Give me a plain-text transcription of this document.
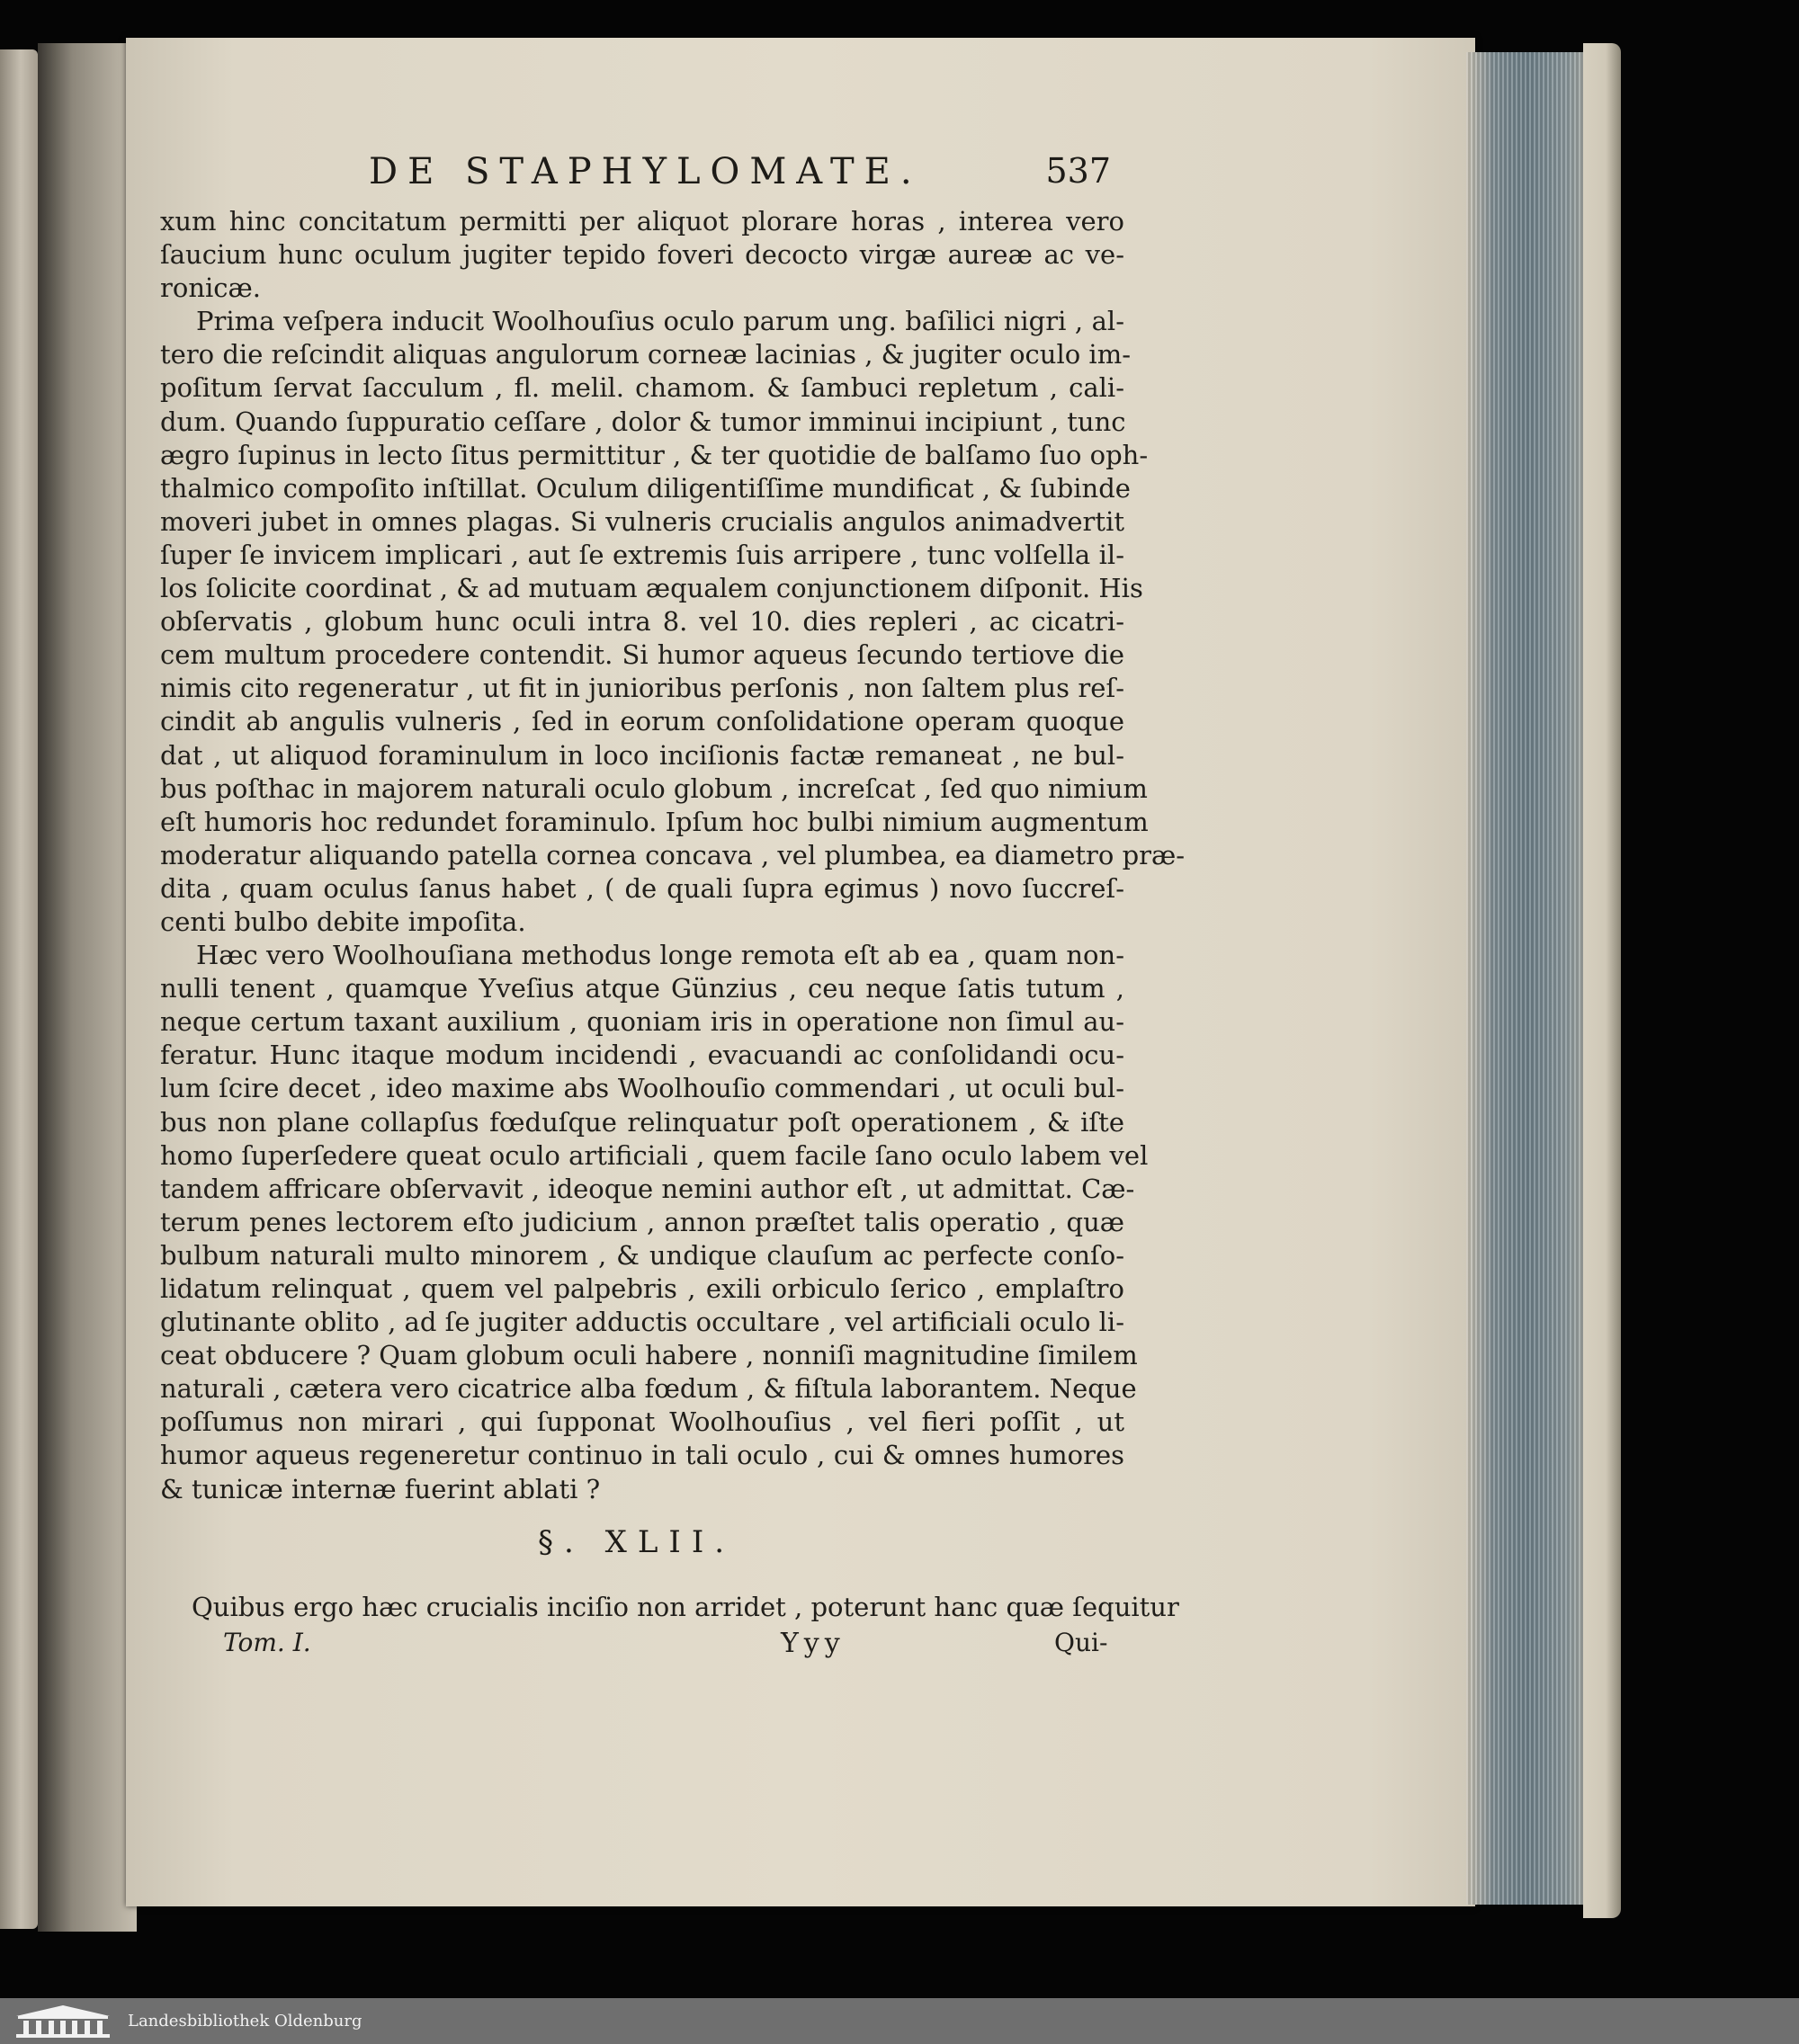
DE STAPHYLOMATE.	537
xum hinc concitatum permitti per aliquot plorare horas , interea vero
ſaucium hunc oculum jugiter tepido foveri decocto virgæ aureæ ac ve-
ronicæ.
Prima veſpera inducit Woolhouſius oculo parum ung. baſilici nigri , al-
tero die reſcindit aliquas angulorum corneæ lacinias , & jugiter oculo im-
poſitum ſervat ſacculum , fl. melil. chamom. & ſambuci repletum , cali-
dum. Quando ſuppuratio ceſſare , dolor & tumor imminui incipiunt , tunc
ægro ſupinus in lecto ſitus permittitur , & ter quotidie de balſamo ſuo oph-
thalmico compoſito inſtillat. Oculum diligentiſſime mundificat , & ſubinde
moveri jubet in omnes plagas. Si vulneris crucialis angulos animadvertit
ſuper ſe invicem implicari , aut ſe extremis ſuis arripere , tunc volſella il-
los ſolicite coordinat , & ad mutuam æqualem conjunctionem diſponit. His
obſervatis , globum hunc oculi intra 8. vel 10. dies repleri , ac cicatri-
cem multum procedere contendit. Si humor aqueus ſecundo tertiove die
nimis cito regeneratur , ut fit in junioribus perſonis , non ſaltem plus reſ-
cindit ab angulis vulneris , ſed in eorum conſolidatione operam quoque
dat , ut aliquod foraminulum in loco inciſionis factæ remaneat , ne bul-
bus poſthac in majorem naturali oculo globum , increſcat , ſed quo nimium
eſt humoris hoc redundet foraminulo. Ipſum hoc bulbi nimium augmentum
moderatur aliquando patella cornea concava , vel plumbea, ea diametro præ-
dita , quam oculus ſanus habet , ( de quali ſupra egimus ) novo ſuccreſ-
centi bulbo debite impoſita.
Hæc vero Woolhouſiana methodus longe remota eſt ab ea , quam non-
nulli tenent , quamque Yveſius atque Günzius , ceu neque ſatis tutum ,
neque certum taxant auxilium , quoniam iris in operatione non ſimul au-
feratur. Hunc itaque modum incidendi , evacuandi ac conſolidandi ocu-
lum ſcire decet , ideo maxime abs Woolhouſio commendari , ut oculi bul-
bus non plane collapſus fœduſque relinquatur poſt operationem , & iſte
homo ſuperſedere queat oculo artificiali , quem facile ſano oculo labem vel
tandem affricare obſervavit , ideoque nemini author eſt , ut admittat. Cæ-
terum penes lectorem eſto judicium , annon præſtet talis operatio , quæ
bulbum naturali multo minorem , & undique clauſum ac perfecte conſo-
lidatum relinquat , quem vel palpebris , exili orbiculo ſerico , emplaſtro
glutinante oblito , ad ſe jugiter adductis occultare , vel artificiali oculo li-
ceat obducere ? Quam globum oculi habere , nonniſi magnitudine ſimilem
naturali , cætera vero cicatrice alba fœdum , & fiſtula laborantem. Neque
poſſumus non mirari , qui ſupponat Woolhouſius , vel fieri poſſit , ut
humor aqueus regeneretur continuo in tali oculo , cui & omnes humores
& tunicæ internæ fuerint ablati ?
§. XLII.
Quibus ergo hæc crucialis inciſio non arridet , poterunt hanc quæ ſequitur
Tom. I.	Yyy	Qui-
Landesbibliothek Oldenburg
